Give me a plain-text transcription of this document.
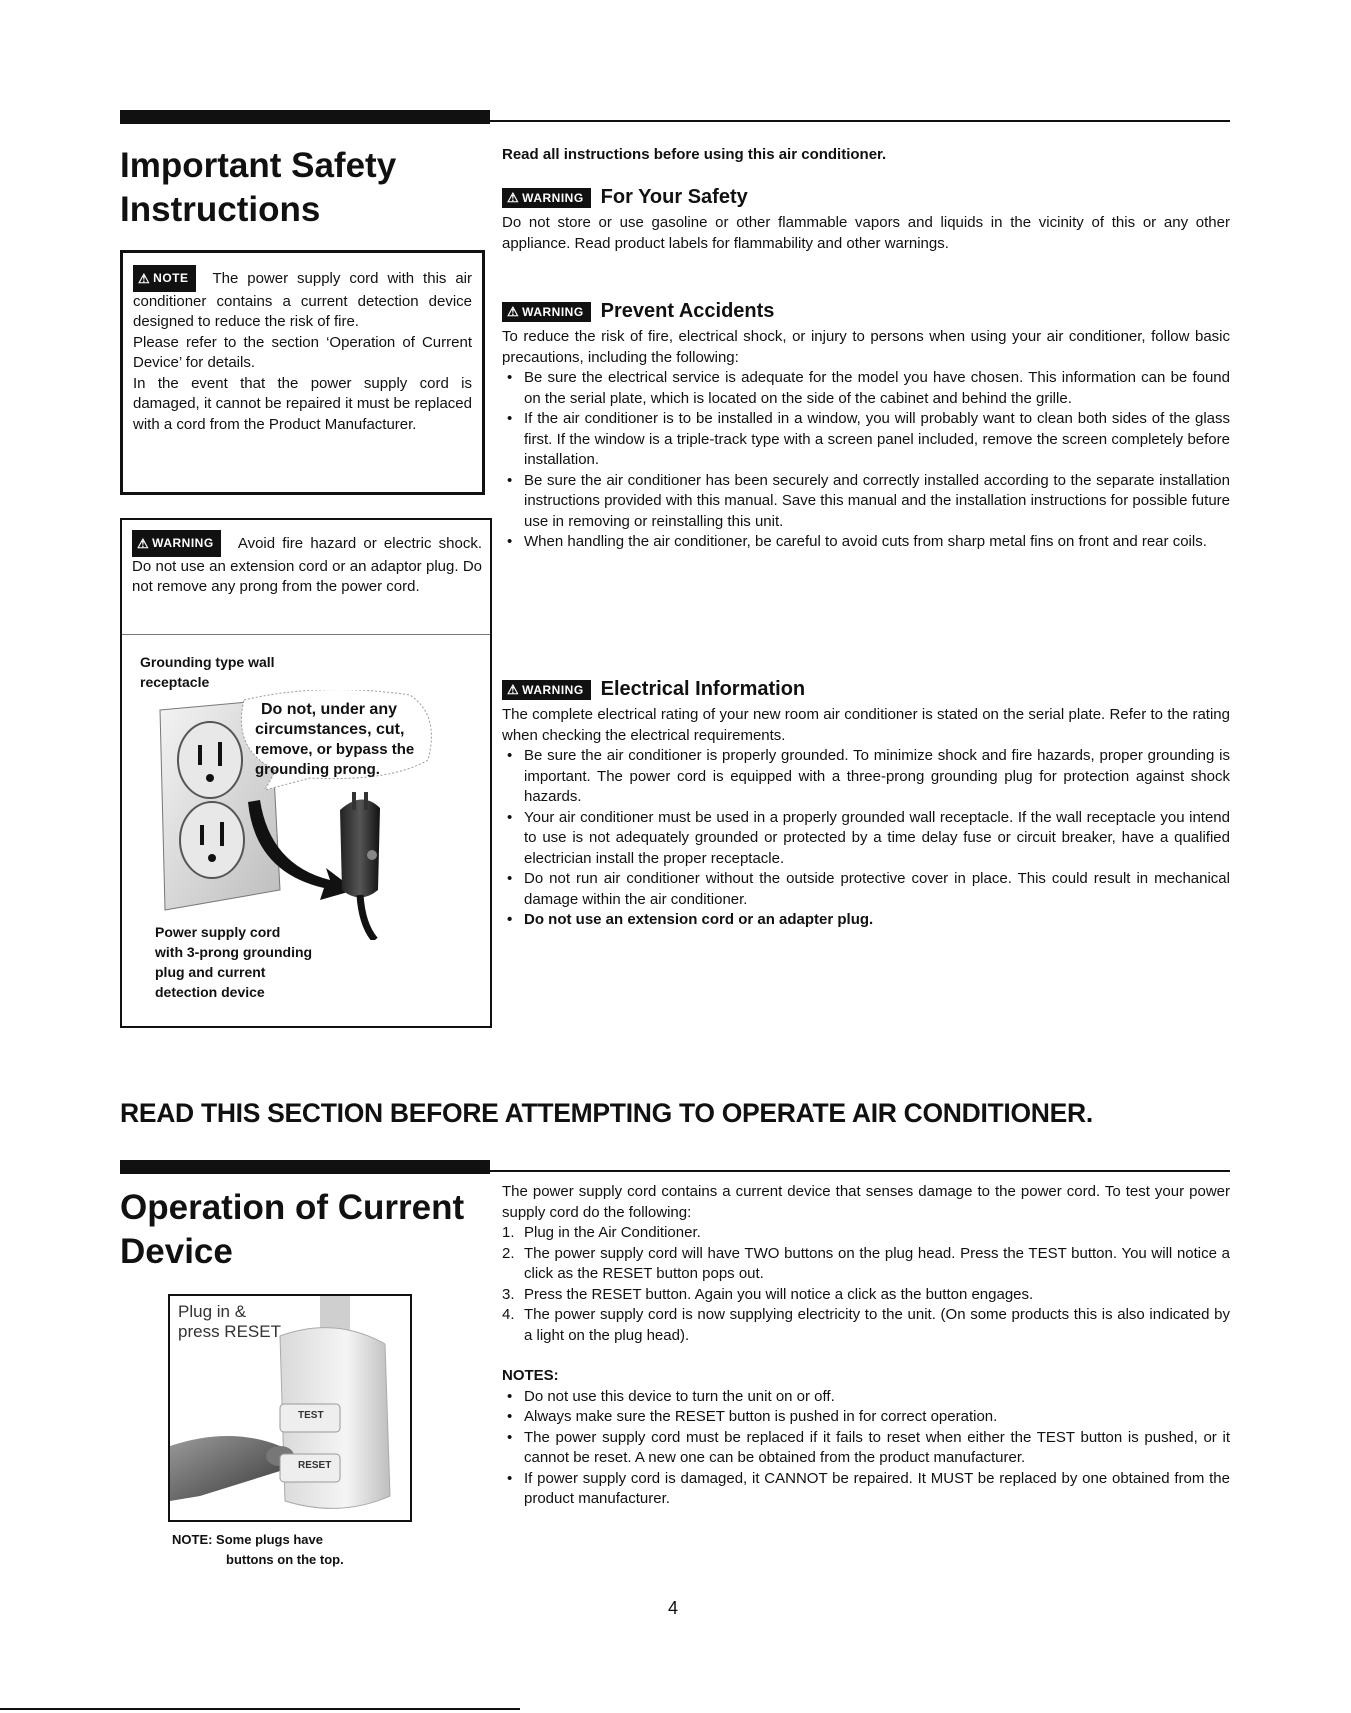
Important Safety

Instructions

⚠ NOTE The power supply cord with this air conditioner contains a current detection device designed to reduce the risk of fire.

Please refer to the section ‘Operation of Current Device’ for details.

In the event that the power supply cord is damaged, it cannot be repaired it must be replaced with a cord from the Product Manufacturer.

⚠ WARNING Avoid fire hazard or electric shock. Do not use an extension cord or an adaptor plug. Do not remove any prong from the power cord.

Grounding type wall
receptacle
Do not, under any
circumstances, cut,
remove, or bypass the
grounding prong.
Power supply cord
with 3-prong grounding
plug and current
detection device
Read all instructions before using this air conditioner.
⚠ WARNING For Your Safety

Do not store or use gasoline or other flammable vapors and liquids in the vicinity of this or any other appliance. Read product labels for flammability and other warnings.

⚠ WARNING Prevent Accidents

To reduce the risk of fire, electrical shock, or injury to persons when using your air conditioner, follow basic precautions, including the following:

• Be sure the electrical service is adequate for the model you have chosen. This information can be found on the serial plate, which is located on the side of the cabinet and behind the grille.
• If the air conditioner is to be installed in a window, you will probably want to clean both sides of the glass first. If the window is a triple-track type with a screen panel included, remove the screen completely before installation.
• Be sure the air conditioner has been securely and correctly installed according to the separate installation instructions provided with this manual. Save this manual and the installation instructions for possible future use in removing or reinstalling this unit.
• When handling the air conditioner, be careful to avoid cuts from sharp metal fins on front and rear coils.
⚠ WARNING Electrical Information

The complete electrical rating of your new room air conditioner is stated on the serial plate. Refer to the rating when checking the electrical requirements.

• Be sure the air conditioner is properly grounded. To minimize shock and fire hazards, proper grounding is important. The power cord is equipped with a three-prong grounding plug for protection against shock hazards.
• Your air conditioner must be used in a properly grounded wall receptacle. If the wall receptacle you intend to use is not adequately grounded or protected by a time delay fuse or circuit breaker, have a qualified electrician install the proper receptacle.
• Do not run air conditioner without the outside protective cover in place. This could result in mechanical damage within the air conditioner.
• Do not use an extension cord or an adapter plug.
READ THIS SECTION BEFORE ATTEMPTING TO OPERATE AIR CONDITIONER.

Operation of Current

Device

Plug in &
press RESET
TEST
RESET
NOTE: Some plugs have
buttons on the top.

The power supply cord contains a current device that senses damage to the power cord. To test your power supply cord do the following:

1. Plug in the Air Conditioner.
2. The power supply cord will have TWO buttons on the plug head. Press the TEST button. You will notice a click as the RESET button pops out.
3. Press the RESET button. Again you will notice a click as the button engages.
4. The power supply cord is now supplying electricity to the unit. (On some products this is also indicated by a light on the plug head).
NOTES:
• Do not use this device to turn the unit on or off.
• Always make sure the RESET button is pushed in for correct operation.
• The power supply cord must be replaced if it fails to reset when either the TEST button is pushed, or it cannot be reset. A new one can be obtained from the product manufacturer.
• If power supply cord is damaged, it CANNOT be repaired. It MUST be replaced by one obtained from the product manufacturer.
4
